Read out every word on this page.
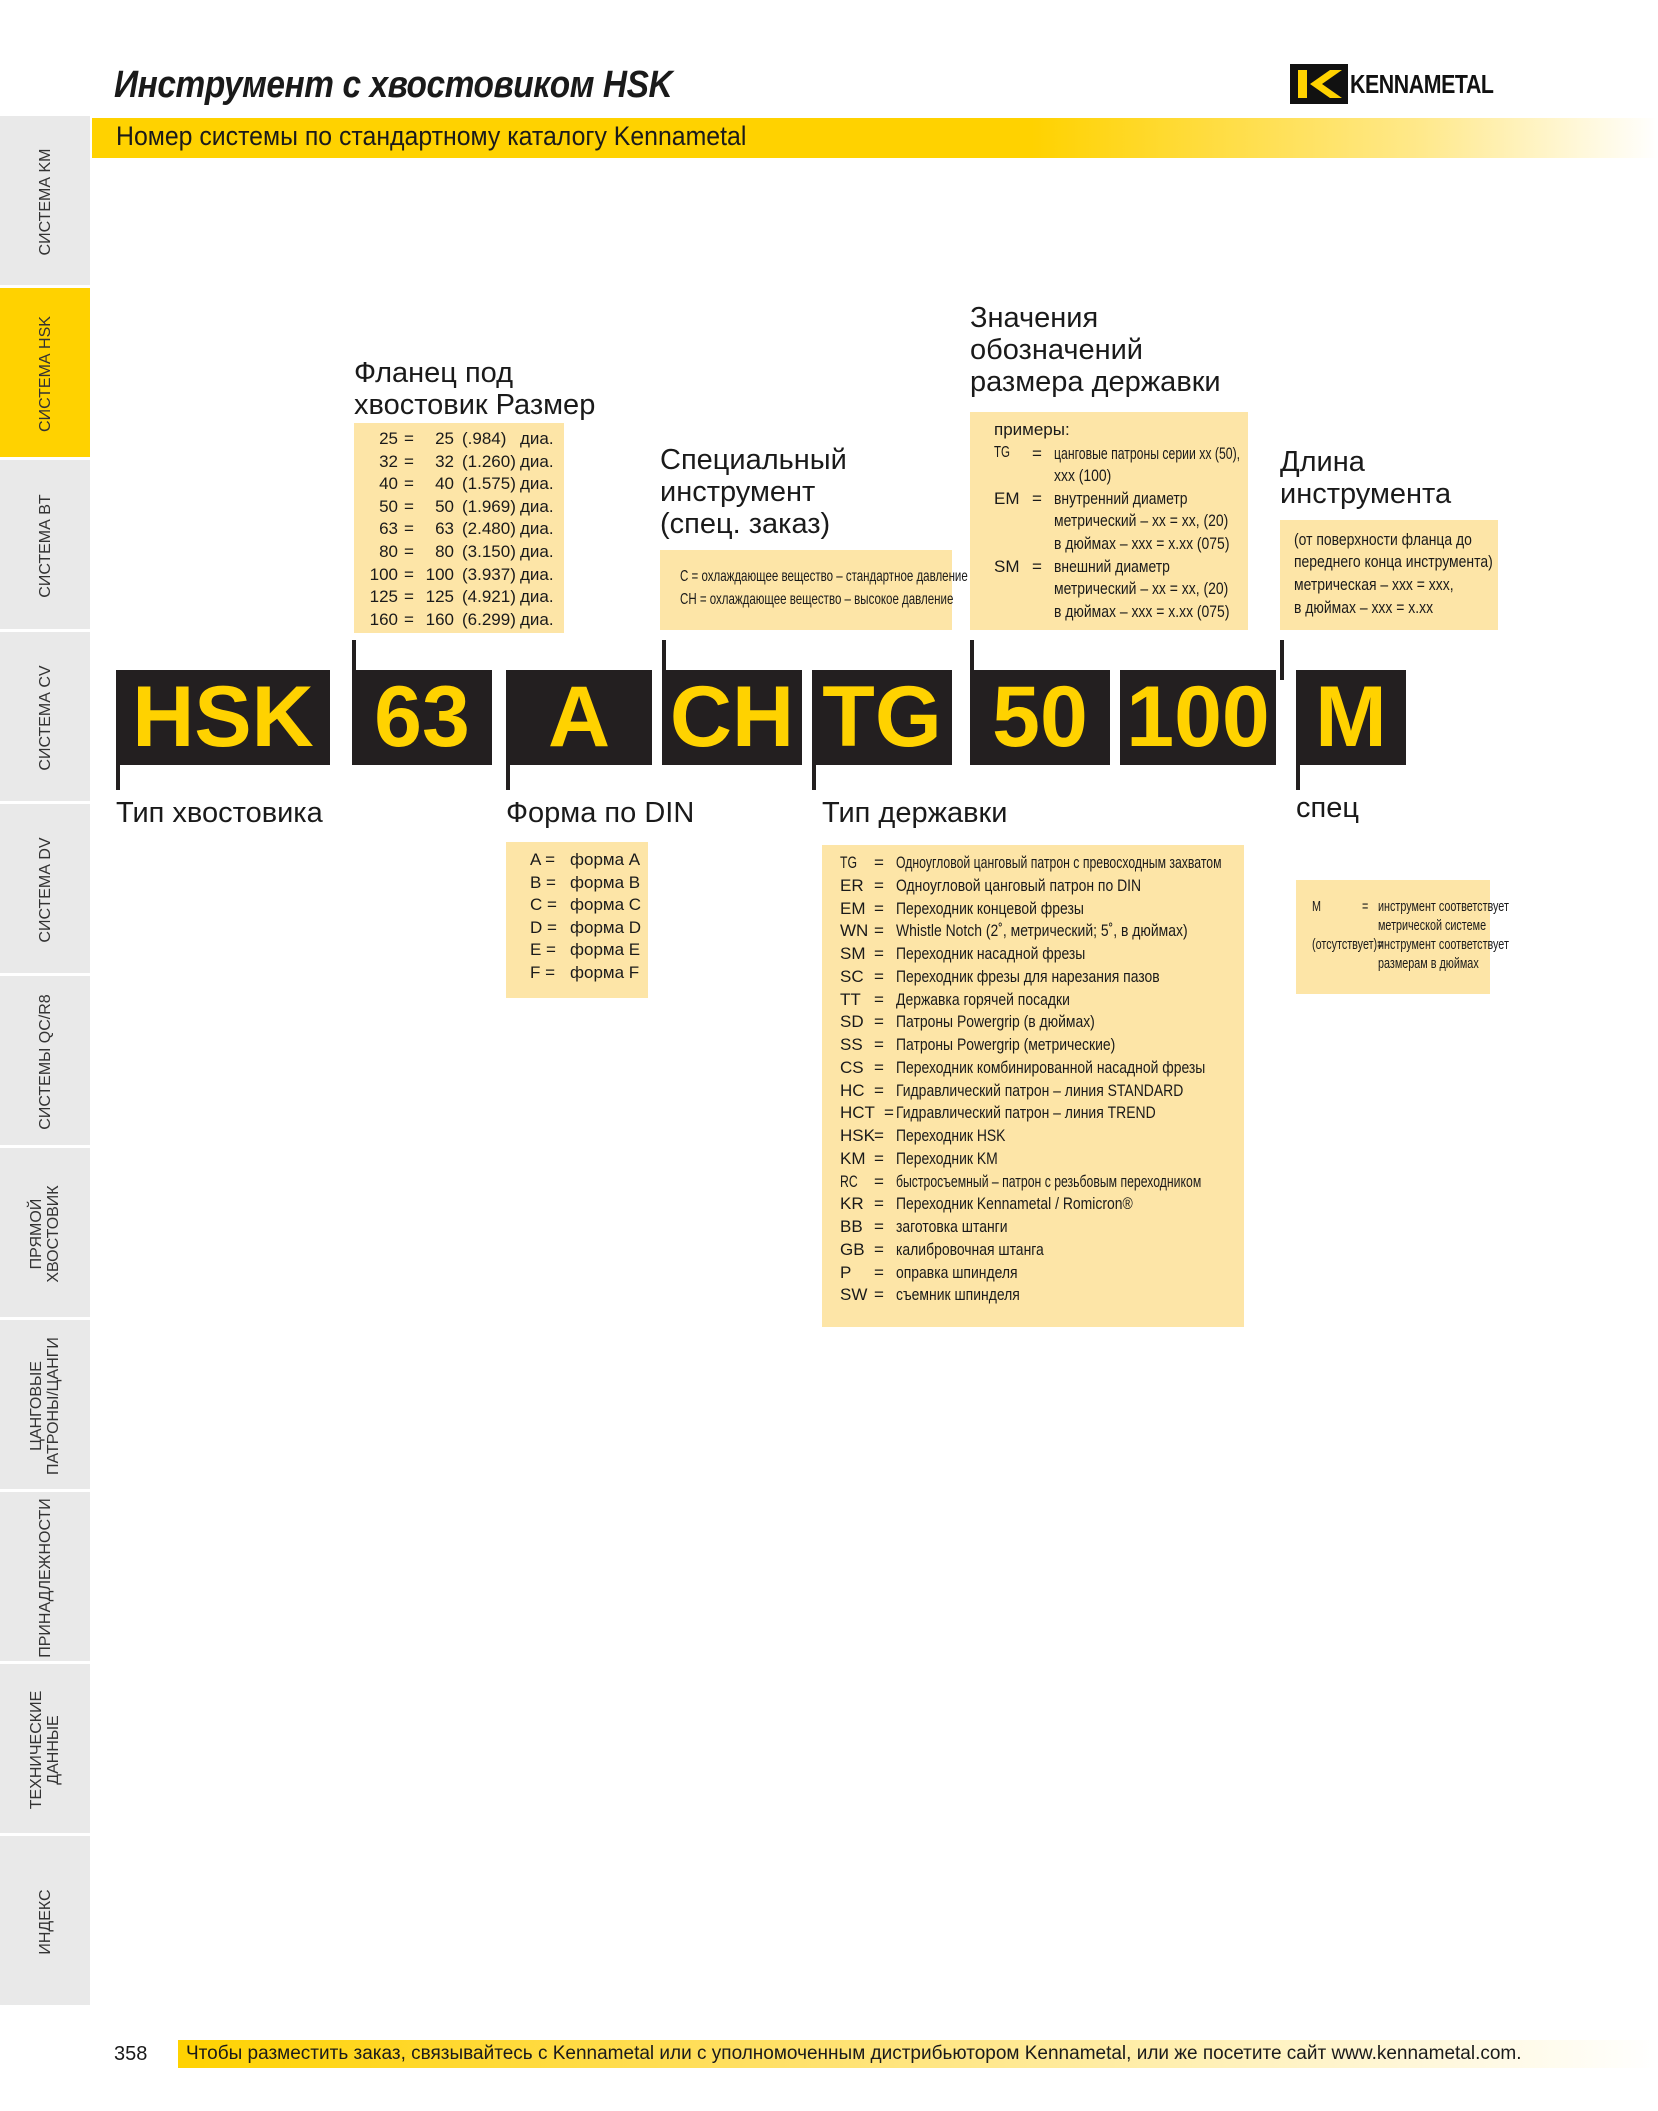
Инструмент с хвостовиком HSK	KENNAMETAL
Номер системы по стандартному каталогу Kennametal
СИСТЕМА KM
СИСТЕМА HSK
СИСТЕМА BT
СИСТЕМА CV
СИСТЕМА DV
СИСТЕМЫ QC/R8
ПРЯМОЙ ХВОСТОВИК
ЦАНГОВЫЕ ПАТРОНЫ/ЦАНГИ
ПРИНАДЛЕЖНОСТИ
ТЕХНИЧЕСКИЕ ДАННЫЕ
ИНДЕКС
Фланец под
хвостовик Размер
25 =	25 (.984) диа.
32 =	32 (1.260) диа.
40 =	40 (1.575) диа.
50 =	50 (1.969) диа.
63 =	63 (2.480) диа.
80 =	80 (3.150) диа.
100 = 100 (3.937) диа.
125 = 125 (4.921) диа.
160 = 160 (6.299) диа.
Специальный
инструмент
(спец. заказ)
C = охлаждающее вещество – стандартное давление
CH = охлаждающее вещество – высокое давление
Значения
обозначений
размера державки
примеры:
TG = цанговые патроны серии xx (50),
xxx (100)
EM = внутренний диаметр
метрический – xx = xx, (20)
в дюймах – xxx = x.xx (075)
SM = внешний диаметр
метрический – xx = xx, (20)
в дюймах – xxx = x.xx (075)
Длина
инструмента
(от поверхности фланца до
переднего конца инструмента)
метрическая – xxx = xxx,
в дюймах – xxx = x.xx
HSK 63 A CH TG 50 100 M
Тип хвостовика	Форма по DIN	Тип державки	спец
A = форма A
B = форма B
C = форма C
D = форма D
E = форма E
F = форма F
TG = Одноугловой цанговый патрон с превосходным захватом
ER = Одноугловой цанговый патрон по DIN
EM = Переходник концевой фрезы
WN = Whistle Notch (2˚, метрический; 5˚, в дюймах)
SM = Переходник насадной фрезы
SC = Переходник фрезы для нарезания пазов
TT = Державка горячей посадки
SD = Патроны Powergrip (в дюймах)
SS = Патроны Powergrip (метрические)
CS = Переходник комбинированной насадной фрезы
HC = Гидравлический патрон – линия STANDARD
HCT = Гидравлический патрон – линия TREND
HSK = Переходник HSK
KM = Переходник KM
RC = быстросъемный – патрон с резьбовым переходником
KR = Переходник Kennametal / Romicron®
BB = заготовка штанги
GB = калибровочная штанга
P = оправка шпинделя
SW = съемник шпинделя
M	= инструмент соответствует
метрической системе
(отсутствует)=
инструмент соответствует
размерам в дюймах
358 Чтобы разместить заказ, связывайтесь с Kennametal или с уполномоченным дистрибьютором Kennametal, или же посетите сайт www.kennametal.com.
